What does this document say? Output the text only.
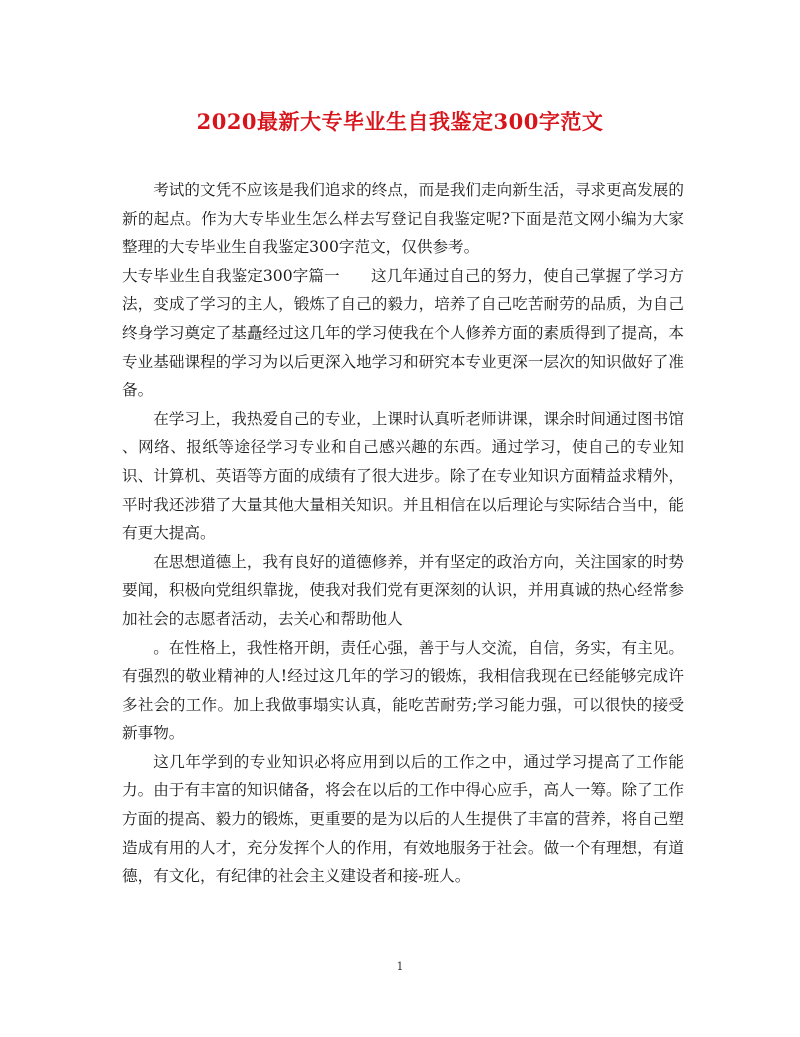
2020最新大专毕业生自我鉴定300字范文

考试的文凭不应该是我们追求的终点，而是我们走向新生活，寻求更高发展的新的起点。作为大专毕业生怎么样去写登记自我鉴定呢?下面是范文网小编为大家整理的大专毕业生自我鉴定300字范文，仅供参考。

大专毕业生自我鉴定300字篇一　　这几年通过自己的努力，使自己掌握了学习方法，变成了学习的主人，锻炼了自己的毅力，培养了自己吃苦耐劳的品质，为自己终身学习奠定了基矗经过这几年的学习使我在个人修养方面的素质得到了提高，本专业基础课程的学习为以后更深入地学习和研究本专业更深一层次的知识做好了准备。

在学习上，我热爱自己的专业，上课时认真听老师讲课，课余时间通过图书馆 、网络、报纸等途径学习专业和自己感兴趣的东西。通过学习，使自己的专业知识、计算机、英语等方面的成绩有了很大进步。除了在专业知识方面精益求精外，平时我还涉猎了大量其他大量相关知识。并且相信在以后理论与实际结合当中，能有更大提高。

在思想道德上，我有良好的道德修养，并有坚定的政治方向，关注国家的时势要闻，积极向党组织靠拢，使我对我们党有更深刻的认识，并用真诚的热心经常参加社会的志愿者活动，去关心和帮助他人

。在性格上，我性格开朗，责任心强，善于与人交流，自信，务实，有主见。 有强烈的敬业精神的人!经过这几年的学习的锻炼，我相信我现在已经能够完成许多社会的工作。加上我做事塌实认真，能吃苦耐劳;学习能力强，可以很快的接受新事物。

这几年学到的专业知识必将应用到以后的工作之中，通过学习提高了工作能力。由于有丰富的知识储备，将会在以后的工作中得心应手，高人一筹。除了工作方面的提高、毅力的锻炼，更重要的是为以后的人生提供了丰富的营养，将自己塑造成有用的人才，充分发挥个人的作用，有效地服务于社会。做一个有理想，有道德，有文化，有纪律的社会主义建设者和接-班人。

1
